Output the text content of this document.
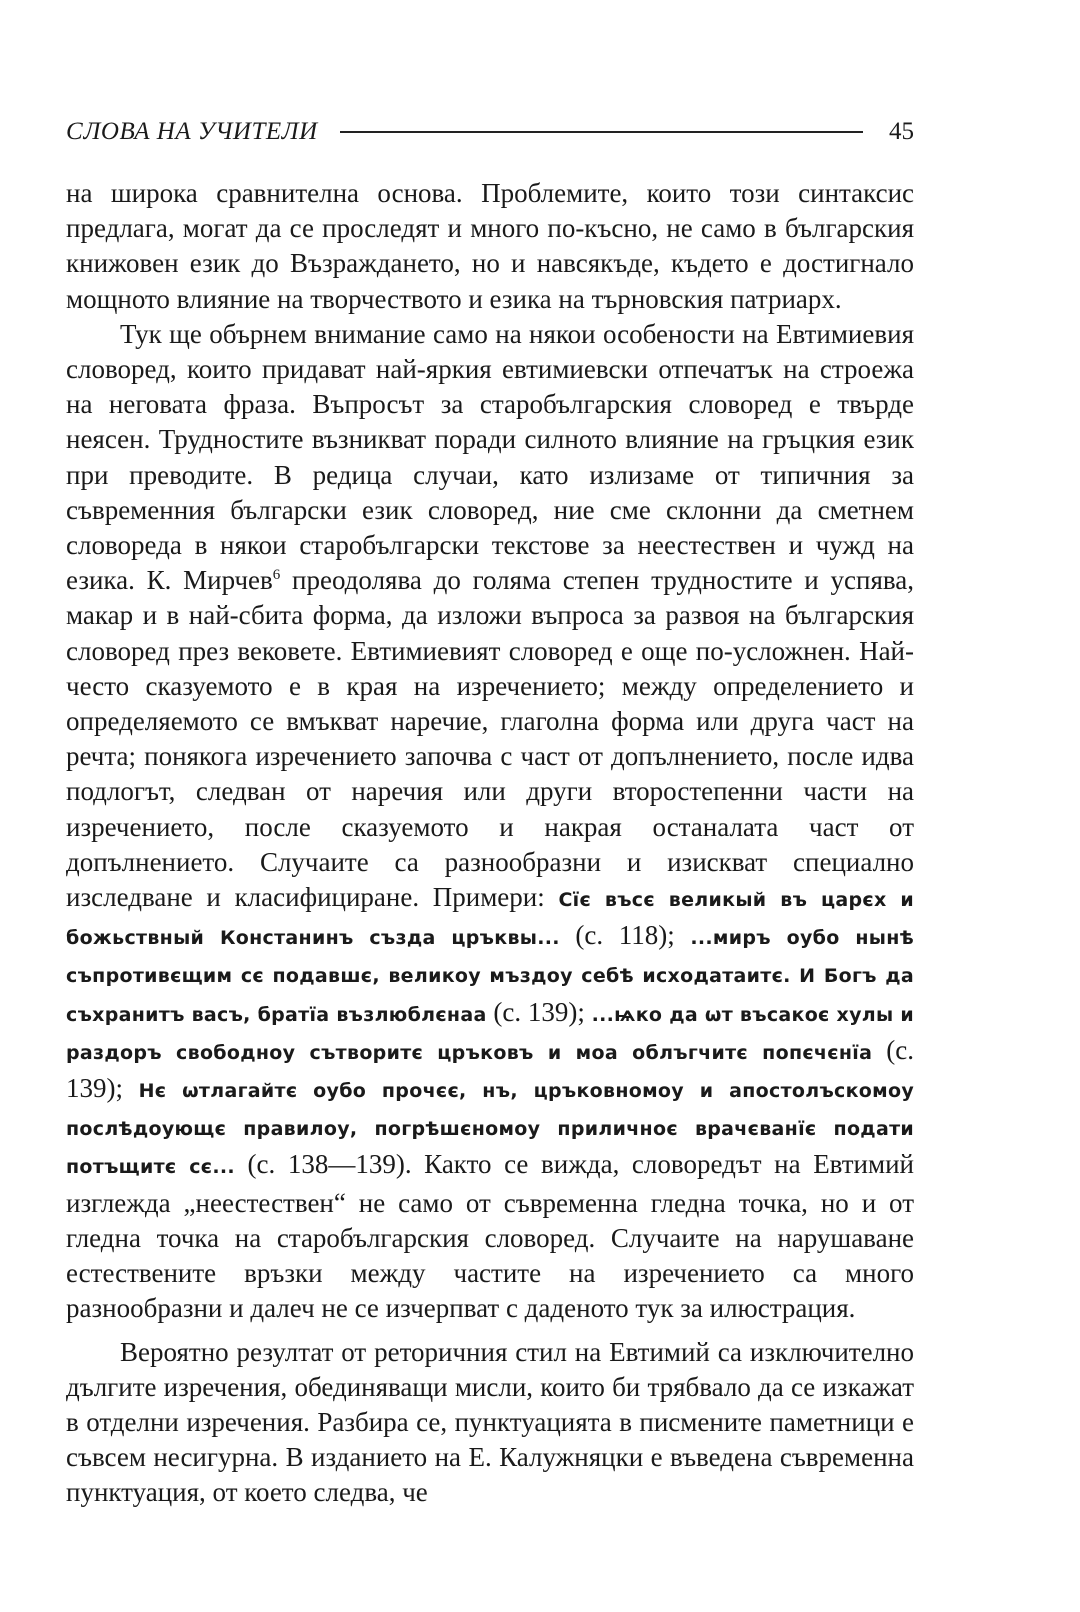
СЛОВА НА УЧИТЕЛИ	45

на широка сравнителна основа. Проблемите, които този синтаксис предлага, могат да се проследят и много по-късно, не само в българския книжовен език до Възраждането, но и навсякъде, където е достигнало мощното влияние на творчеството и езика на търновския патриарх.

Тук ще обърнем внимание само на някои особености на Евтимиевия словоред, които придават най-яркия евтимиевски отпечатък на строежа на неговата фраза. Въпросът за старобългарския словоред е твърде неясен. Трудностите възникват поради силното влияние на гръцкия език при преводите. В редица случаи, като излизаме от типичния за съвременния български език словоред, ние сме склонни да сметнем словореда в някои старобългарски текстове за неестествен и чужд на езика. К. Мирчев$^6$ преодолява до голяма степен трудностите и успява, макар и в най-сбита форма, да изложи въпроса за развоя на българския словоред през вековете. Евтимиевият словоред е още по-усложнен. Най-често сказуемото е в края на изречението; между определението и определяемото се вмъкват наречие, глаголна форма или друга част на речта; понякога изречението започва с част от допълнението, после идва подлогът, следван от наречия или други второстепенни части на изречението, после сказуемото и накрая останалата част от допълнението. Случаите са разнообразни и изискват специално изследване и класифициране. Примери: Сїє въсє великый въ царєх и божьствный Констанинъ създа цръквы... (с. 118); ...миръ оубо нынѣ съпротивєщим сє подавшє, великоу мъздоу себѣ исходатаитє. И Богъ да съхранитъ васъ, братїа възлюблєнаа (с. 139); ...ѩко да ѡт въсакоє хулы и раздоръ свободноу сътворитє цръковъ и моа облъгчитє попєчєнїа (с. 139); Нє ѡтлагайтє оубо прочєє, нъ, цръковномоу и апостолъскомоу послѣдоующє правилоу, погрѣшєномоу приличноє врачєванїє подати потъщитє сє... (с. 138—139). Както се вижда, словоредът на Евтимий изглежда „неестествен“ не само от съвременна гледна точка, но и от гледна точка на старобългарския словоред. Случаите на нарушаване естествените връзки между частите на изречението са много разнообразни и далеч не се изчерпват с даденото тук за илюстрация.

Вероятно резултат от реторичния стил на Евтимий са изключително дългите изречения, обединяващи мисли, които би трябвало да се изкажат в отделни изречения. Разбира се, пунктуацията в писмените паметници е съвсем несигурна. В изданието на Е. Калужняцки е въведена съвременна пунктуация, от което следва, че
